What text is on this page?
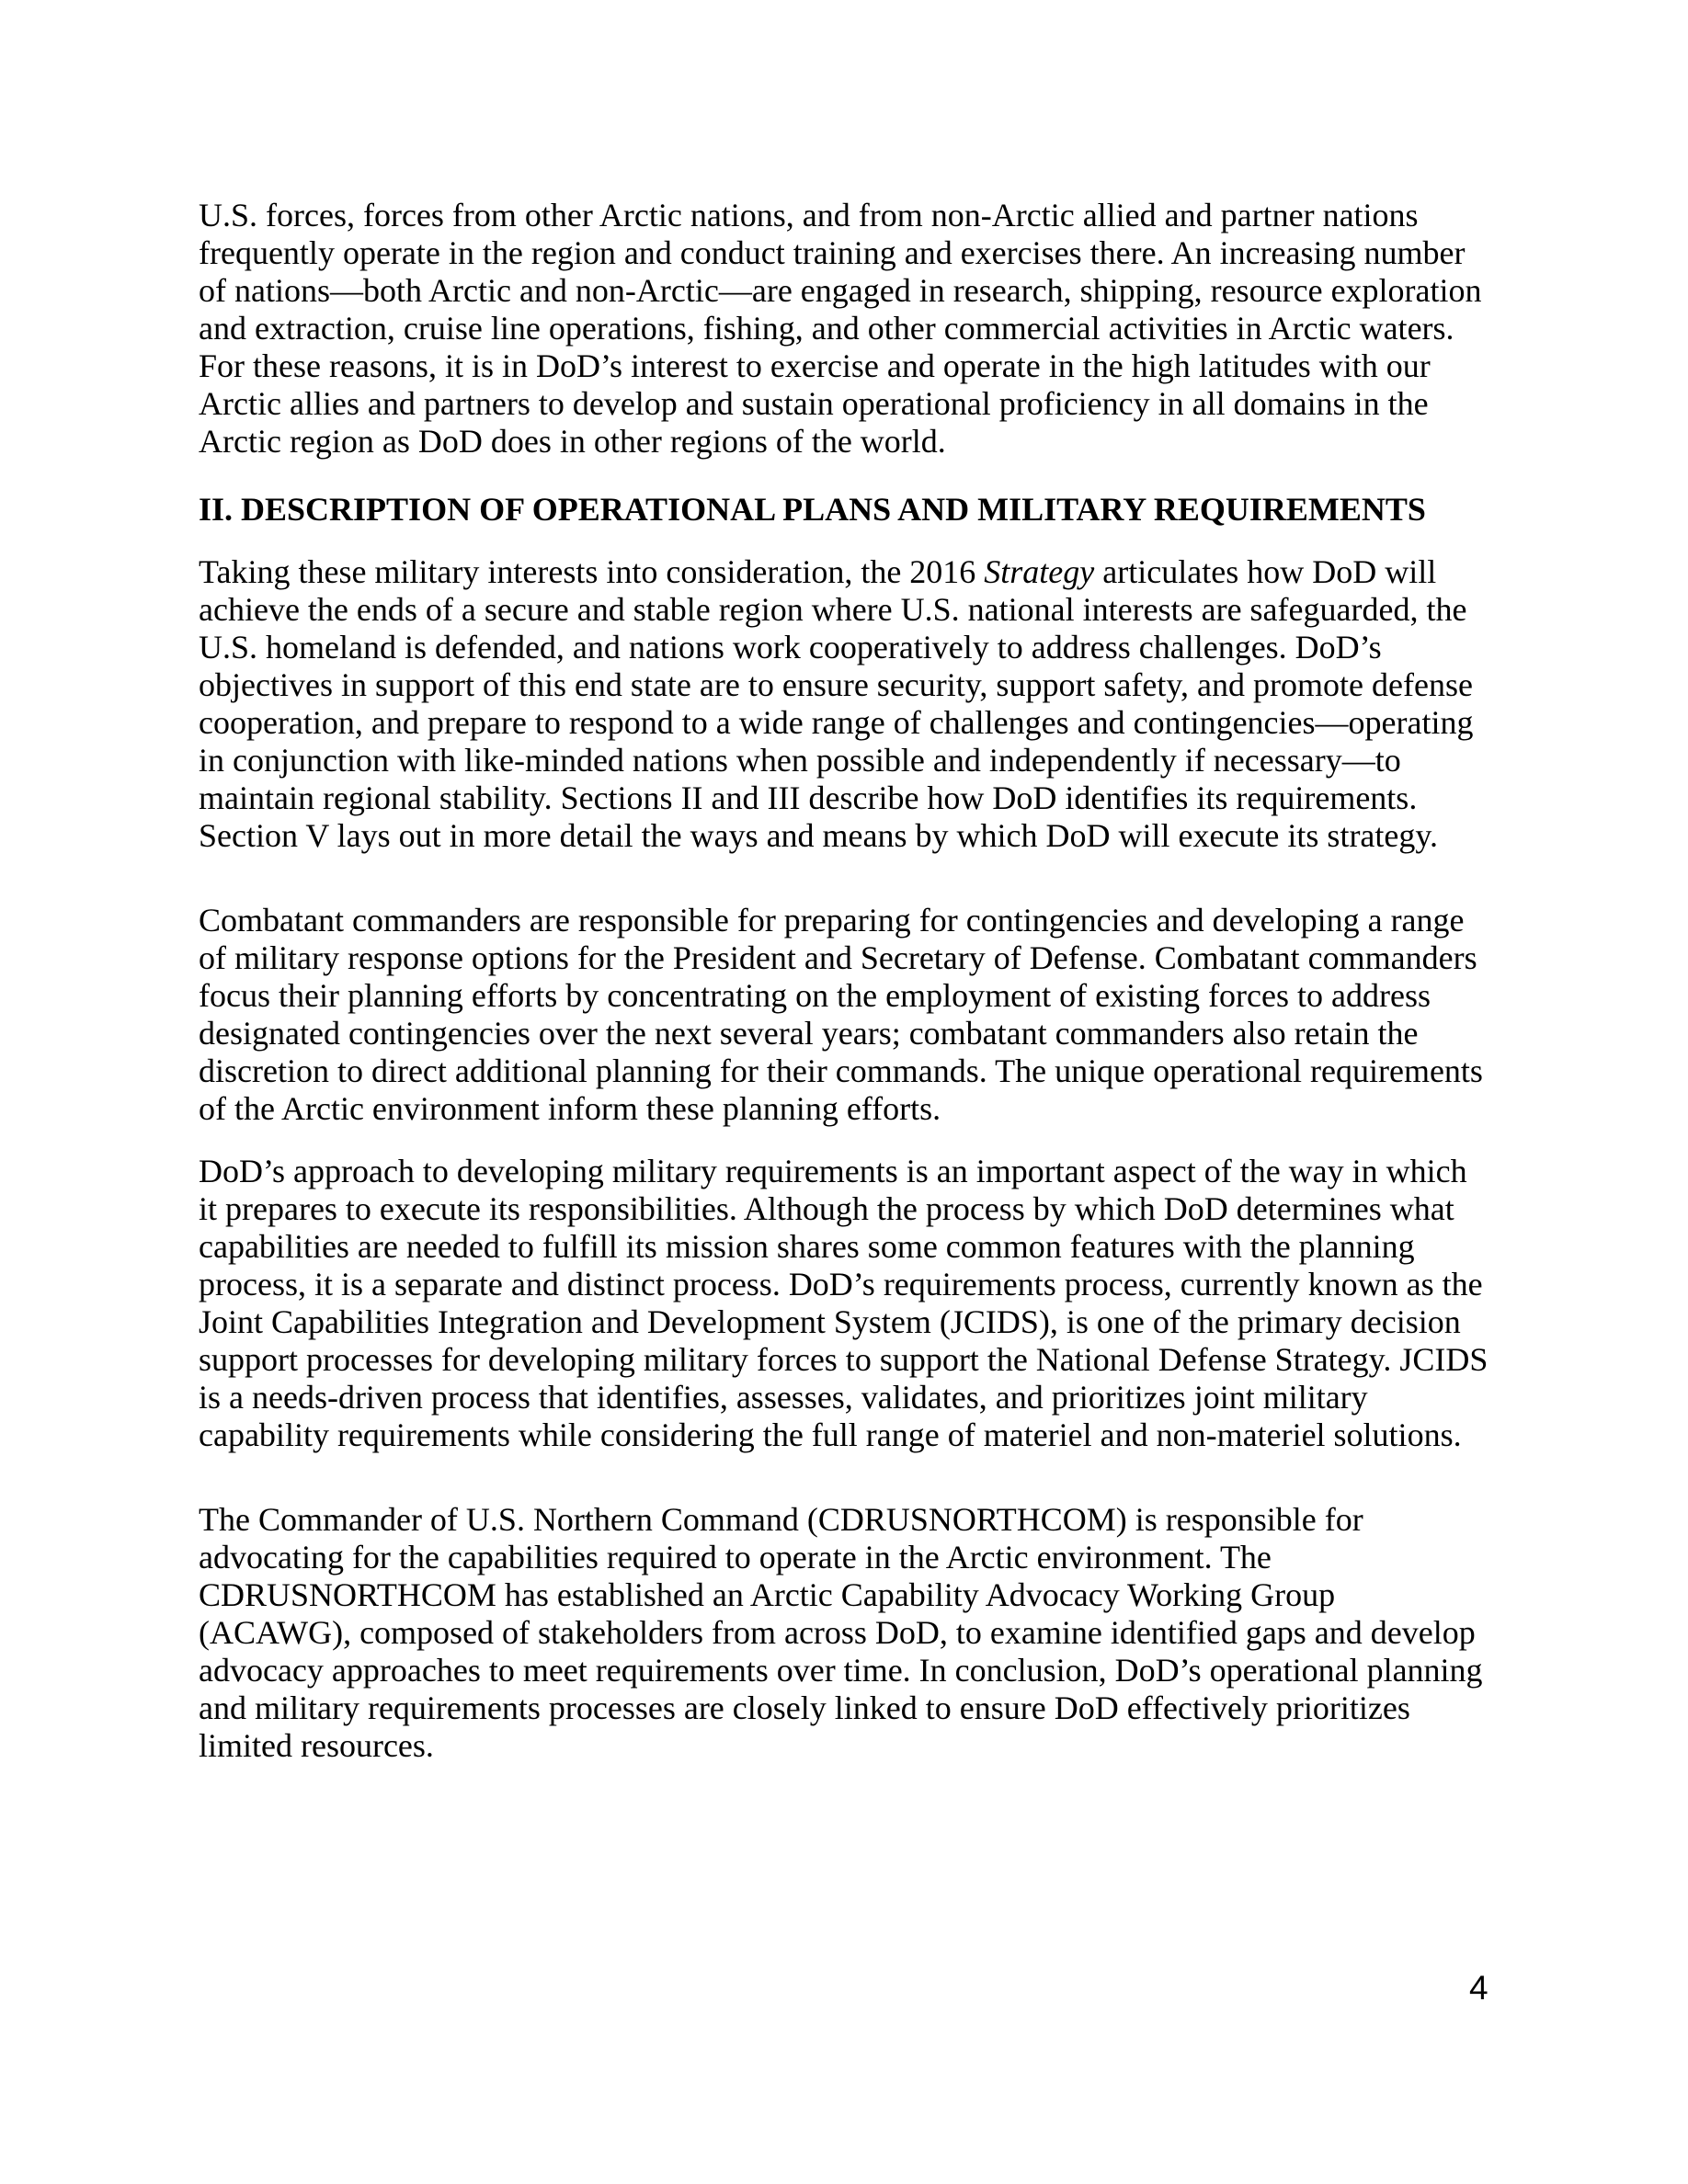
U.S. forces, forces from other Arctic nations, and from non-Arctic allied and partner nations frequently operate in the region and conduct training and exercises there. An increasing number of nations—both Arctic and non-Arctic—are engaged in research, shipping, resource exploration and extraction, cruise line operations, fishing, and other commercial activities in Arctic waters. For these reasons, it is in DoD’s interest to exercise and operate in the high latitudes with our Arctic allies and partners to develop and sustain operational proficiency in all domains in the Arctic region as DoD does in other regions of the world.

II. DESCRIPTION OF OPERATIONAL PLANS AND MILITARY REQUIREMENTS

Taking these military interests into consideration, the 2016 Strategy articulates how DoD will achieve the ends of a secure and stable region where U.S. national interests are safeguarded, the U.S. homeland is defended, and nations work cooperatively to address challenges. DoD’s objectives in support of this end state are to ensure security, support safety, and promote defense cooperation, and prepare to respond to a wide range of challenges and contingencies—operating in conjunction with like-minded nations when possible and independently if necessary—to maintain regional stability. Sections II and III describe how DoD identifies its requirements. Section V lays out in more detail the ways and means by which DoD will execute its strategy.

Combatant commanders are responsible for preparing for contingencies and developing a range of military response options for the President and Secretary of Defense. Combatant commanders focus their planning efforts by concentrating on the employment of existing forces to address designated contingencies over the next several years; combatant commanders also retain the discretion to direct additional planning for their commands. The unique operational requirements of the Arctic environment inform these planning efforts.

DoD’s approach to developing military requirements is an important aspect of the way in which it prepares to execute its responsibilities. Although the process by which DoD determines what capabilities are needed to fulfill its mission shares some common features with the planning process, it is a separate and distinct process. DoD’s requirements process, currently known as the Joint Capabilities Integration and Development System (JCIDS), is one of the primary decision support processes for developing military forces to support the National Defense Strategy. JCIDS is a needs-driven process that identifies, assesses, validates, and prioritizes joint military capability requirements while considering the full range of materiel and non-materiel solutions.

The Commander of U.S. Northern Command (CDRUSNORTHCOM) is responsible for advocating for the capabilities required to operate in the Arctic environment. The CDRUSNORTHCOM has established an Arctic Capability Advocacy Working Group (ACAWG), composed of stakeholders from across DoD, to examine identified gaps and develop advocacy approaches to meet requirements over time. In conclusion, DoD’s operational planning and military requirements processes are closely linked to ensure DoD effectively prioritizes limited resources.

4
